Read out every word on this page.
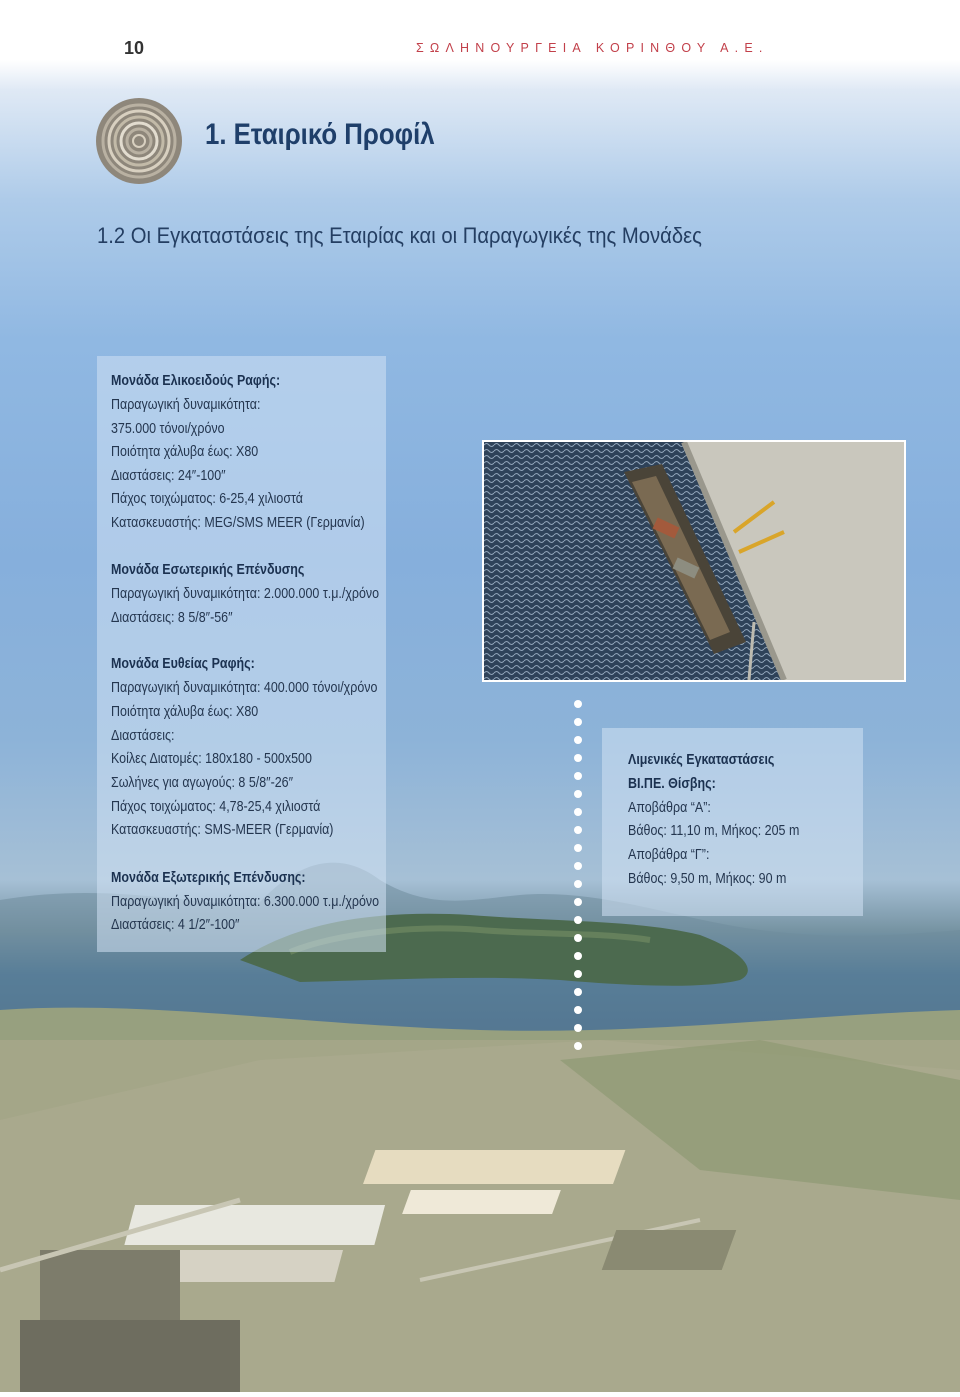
10	ΣΩΛΗΝΟΥΡΓΕΙΑ ΚΟΡΙΝΘΟΥ Α.Ε.
1. Εταιρικό Προφίλ
1.2 Οι Εγκαταστάσεις της Εταιρίας και οι Παραγωγικές της Μονάδες
Μονάδα Ελικοειδούς Ραφής:
Παραγωγική δυναμικότητα:
375.000 τόνοι/χρόνο
Ποιότητα χάλυβα έως: Χ80
Διαστάσεις: 24″-100″
Πάχος τοιχώματος: 6-25,4 χιλιοστά
Κατασκευαστής: MEG/SMS MEER (Γερμανία)
Μονάδα Εσωτερικής Επένδυσης
Παραγωγική δυναμικότητα: 2.000.000 τ.μ./χρόνο
Διαστάσεις: 8 5/8″-56″
Μονάδα Ευθείας Ραφής:
Παραγωγική δυναμικότητα: 400.000 τόνοι/χρόνο
Ποιότητα χάλυβα έως: Χ80
Διαστάσεις:
Κοίλες Διατομές: 180x180 - 500x500
Σωλήνες για αγωγούς: 8 5/8″-26″
Πάχος τοιχώματος: 4,78-25,4 χιλιοστά
Κατασκευαστής: SMS-MEER (Γερμανία)
Μονάδα Εξωτερικής Επένδυσης:
Παραγωγική δυναμικότητα: 6.300.000 τ.μ./χρόνο
Διαστάσεις: 4 1/2″-100″
Λιμενικές Εγκαταστάσεις
ΒΙ.ΠΕ. Θίσβης:
Αποβάθρα “Α”:
Βάθος: 11,10 m, Μήκος: 205 m
Αποβάθρα “Γ”:
Βάθος: 9,50 m, Μήκος: 90 m
